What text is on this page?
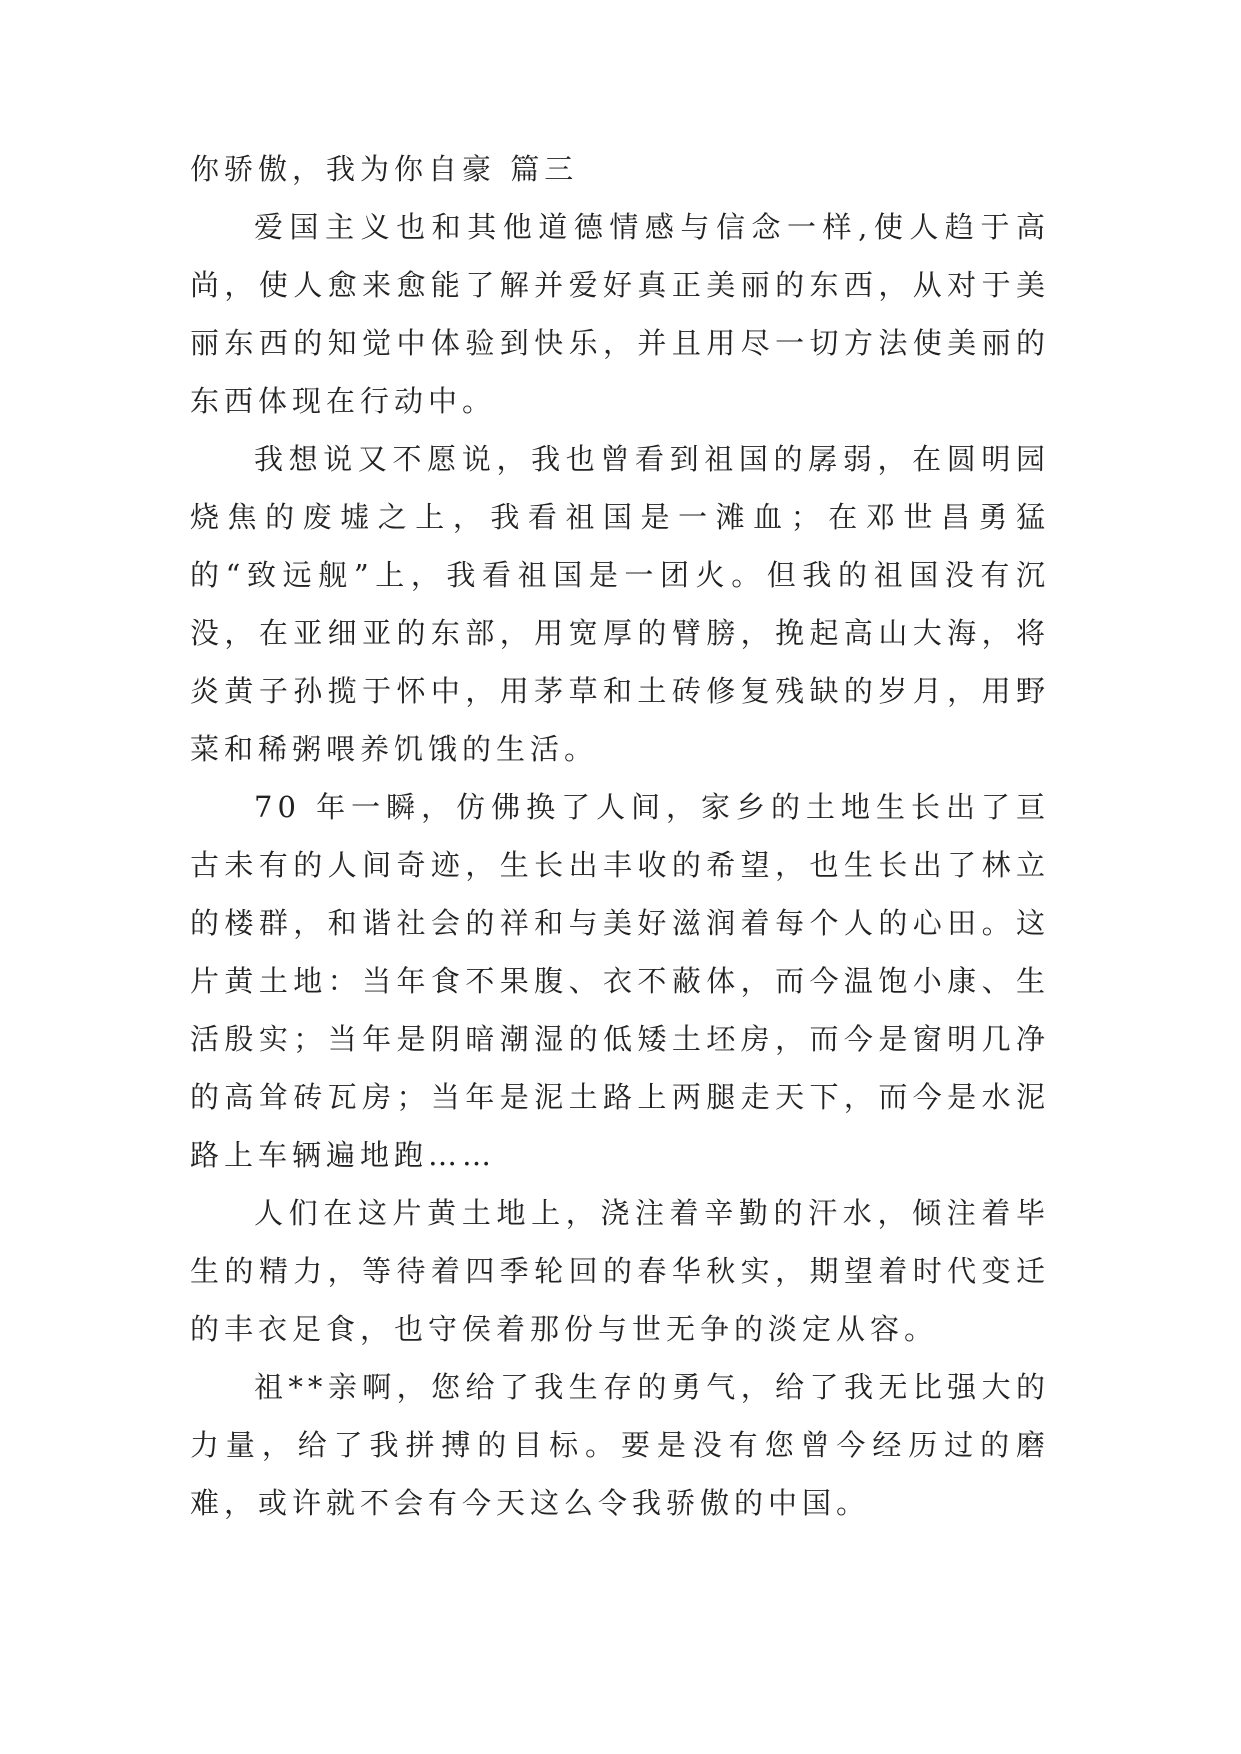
你骄傲，我为你自豪 篇三

爱国主义也和其他道德情感与信念一样,使人趋于高尚，使人愈来愈能了解并爱好真正美丽的东西，从对于美丽东西的知觉中体验到快乐，并且用尽一切方法使美丽的东西体现在行动中。

我想说又不愿说，我也曾看到祖国的孱弱，在圆明园烧焦的废墟之上，我看祖国是一滩血；在邓世昌勇猛的“致远舰”上，我看祖国是一团火。但我的祖国没有沉没，在亚细亚的东部，用宽厚的臂膀，挽起高山大海，将炎黄子孙揽于怀中，用茅草和土砖修复残缺的岁月，用野菜和稀粥喂养饥饿的生活。

70 年一瞬，仿佛换了人间，家乡的土地生长出了亘古未有的人间奇迹，生长出丰收的希望，也生长出了林立的楼群，和谐社会的祥和与美好滋润着每个人的心田。这片黄土地：当年食不果腹、衣不蔽体，而今温饱小康、生活殷实；当年是阴暗潮湿的低矮土坯房，而今是窗明几净的高耸砖瓦房；当年是泥土路上两腿走天下，而今是水泥路上车辆遍地跑……

人们在这片黄土地上，浇注着辛勤的汗水，倾注着毕生的精力，等待着四季轮回的春华秋实，期望着时代变迁的丰衣足食，也守侯着那份与世无争的淡定从容。

祖**亲啊，您给了我生存的勇气，给了我无比强大的力量，给了我拼搏的目标。要是没有您曾今经历过的磨难，或许就不会有今天这么令我骄傲的中国。
